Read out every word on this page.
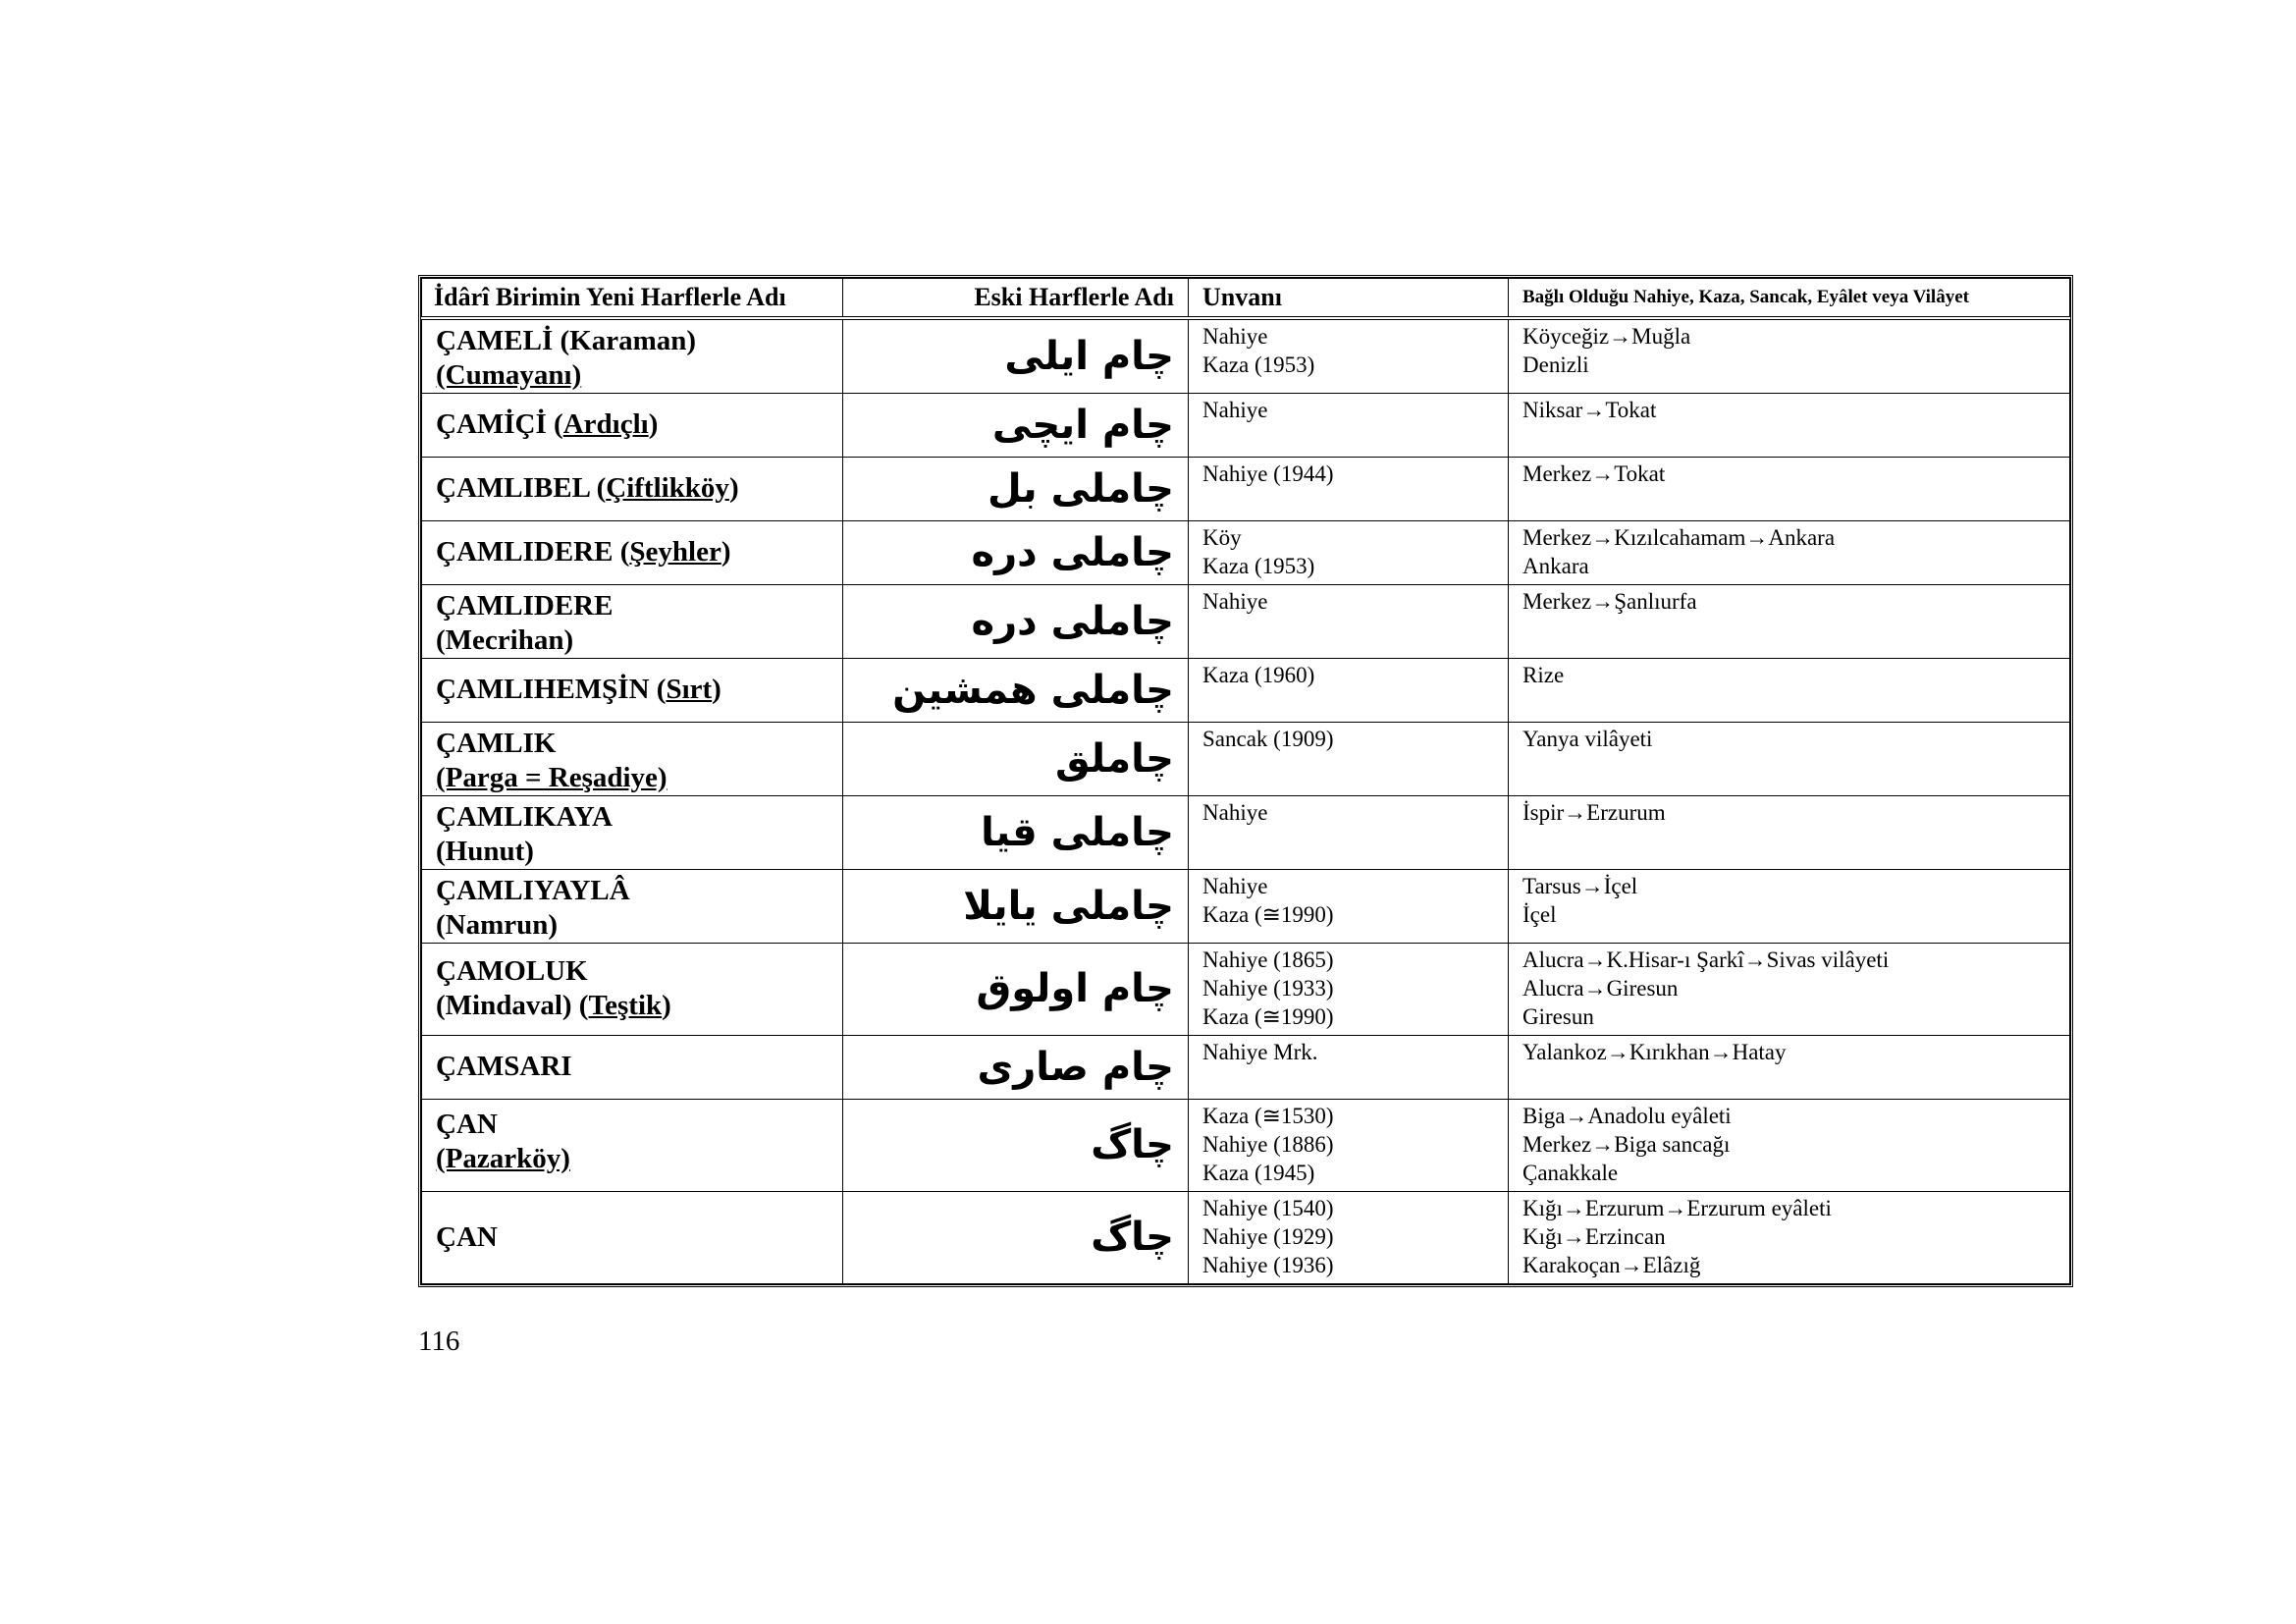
İdârî Birimin Yeni Harflerle Adı	Eski Harflerle Adı	Unvanı	Bağlı Olduğu Nahiye, Kaza, Sancak, Eyâlet veya Vilâyet

ÇAMELİ (Karaman)
(Cumayanı)	چام ایلی	Nahiye
Kaza (1953)	Köyceğiz→Muğla
Denizli

ÇAMİÇİ (Ardıçlı)	چام ایچی	Nahiye	Niksar→Tokat

ÇAMLIBEL (Çiftlikköy)	چاملی بل	Nahiye (1944)	Merkez→Tokat

ÇAMLIDERE (Şeyhler)	چاملی دره	Köy
Kaza (1953)	Merkez→Kızılcahamam→Ankara
Ankara

ÇAMLIDERE
(Mecrihan)	چاملی دره	Nahiye	Merkez→Şanlıurfa

ÇAMLIHEMŞİN (Sırt)	چاملی همشین	Kaza (1960)	Rize

ÇAMLIK
(Parga = Reşadiye)	چاملق	Sancak (1909)	Yanya vilâyeti

ÇAMLIKAYA
(Hunut)	چاملی قیا	Nahiye	İspir→Erzurum

ÇAMLIYAYLÂ
(Namrun)	چاملی یایلا	Nahiye
Kaza (≅1990)	Tarsus→İçel
İçel

ÇAMOLUK
(Mindaval) (Teştik)	چام اولوق	Nahiye (1865)
Nahiye (1933)
Kaza (≅1990)	Alucra→K.Hisar-ı Şarkî→Sivas vilâyeti
Alucra→Giresun
Giresun

ÇAMSARI	چام صاری	Nahiye Mrk.	Yalankoz→Kırıkhan→Hatay

ÇAN
(Pazarköy)	چاگ	Kaza (≅1530)
Nahiye (1886)
Kaza (1945)	Biga→Anadolu eyâleti
Merkez→Biga sancağı
Çanakkale

ÇAN	چاگ	Nahiye (1540)
Nahiye (1929)
Nahiye (1936)	Kığı→Erzurum→Erzurum eyâleti
Kığı→Erzincan
Karakoçan→Elâzığ
116
